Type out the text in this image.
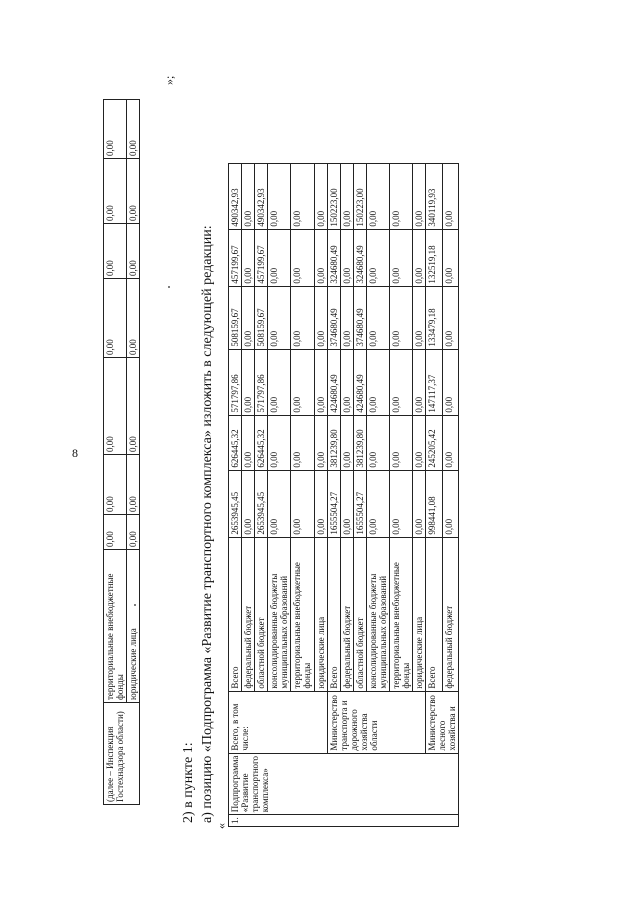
8
(далее – Инспекция Гостехнадзора области)	территориальные внебюджетные фонды	0,00	0,00	0,00	0,00	0,00	0,00	0,00
	юридические лица	0,00	0,00	0,00	0,00	0,00	0,00	0,00
»;
2) в пункте 1: а) позицию «Подпрограмма «Развитие транспортного комплекса» изложить в следующей редакции:
«
1.	Подпрограмма «Развитие транспортного комплекса»	Всего, в том числе:	Всего	2653945,45	626445,32	571797,86	508159,67	457199,67	490342,93
			федеральный бюджет	0,00	0,00	0,00	0,00	0,00	0,00
			областной бюджет	2653945,45	626445,32	571797,86	508159,67	457199,67	490342,93
			консолидированные бюджеты муниципальных образований	0,00	0,00	0,00	0,00	0,00	0,00
			территориальные внебюджетные фонды	0,00	0,00	0,00	0,00	0,00	0,00
			юридические лица	0,00	0,00	0,00	0,00	0,00	0,00
		Министерство транспорта и дорожного хозяйства области	Всего	1655504,27	381239,80	424680,49	374680,49	324680,49	150223,00
			федеральный бюджет	0,00	0,00	0,00	0,00	0,00	0,00
			областной бюджет	1655504,27	381239,80	424680,49	374680,49	324680,49	150223,00
			консолидированные бюджеты муниципальных образований	0,00	0,00	0,00	0,00	0,00	0,00
			территориальные внебюджетные фонды	0,00	0,00	0,00	0,00	0,00	0,00
			юридические лица	0,00	0,00	0,00	0,00	0,00	0,00
		Министерство лесного хозяйства и	Всего	998441,08	245205,42	147117,37	133479,18	132519,18	340119,93
			федеральный бюджет	0,00	0,00	0,00	0,00	0,00	0,00
